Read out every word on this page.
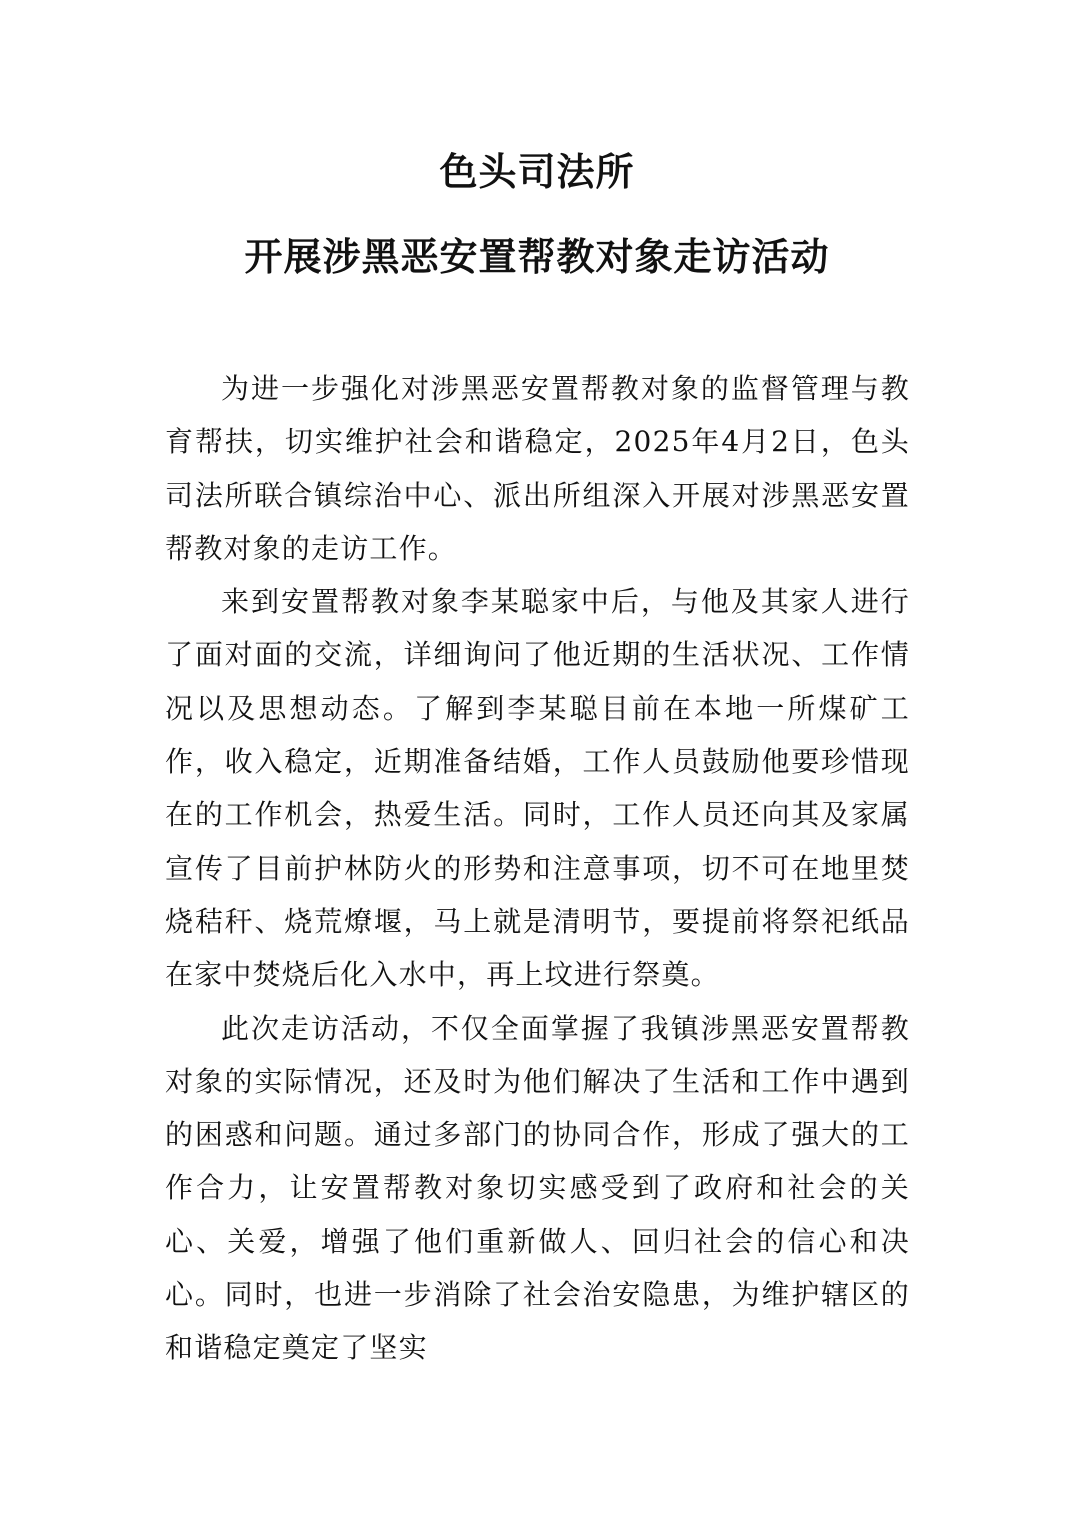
色头司法所
开展涉黑恶安置帮教对象走访活动

为进一步强化对涉黑恶安置帮教对象的监督管理与教育帮扶，切实维护社会和谐稳定，2025年4月2日，色头司法所联合镇综治中心、派出所组深入开展对涉黑恶安置帮教对象的走访工作。

来到安置帮教对象李某聪家中后，与他及其家人进行了面对面的交流，详细询问了他近期的生活状况、工作情况以及思想动态。了解到李某聪目前在本地一所煤矿工作，收入稳定，近期准备结婚，工作人员鼓励他要珍惜现在的工作机会，热爱生活。同时，工作人员还向其及家属宣传了目前护林防火的形势和注意事项，切不可在地里焚烧秸秆、烧荒燎堰，马上就是清明节，要提前将祭祀纸品在家中焚烧后化入水中，再上坟进行祭奠。

此次走访活动，不仅全面掌握了我镇涉黑恶安置帮教对象的实际情况，还及时为他们解决了生活和工作中遇到的困惑和问题。通过多部门的协同合作，形成了强大的工作合力，让安置帮教对象切实感受到了政府和社会的关心、关爱，增强了他们重新做人、回归社会的信心和决心。同时，也进一步消除了社会治安隐患，为维护辖区的和谐稳定奠定了坚实
